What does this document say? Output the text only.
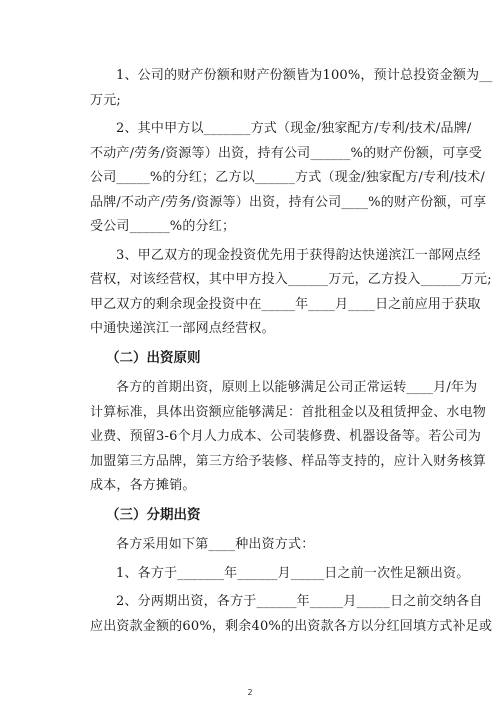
1、公司的财产份额和财产份额皆为100%，预计总投资金额为__
万元;
2、其中甲方以_______方式（现金/独家配方/专利/技术/品牌/
不动产/劳务/资源等）出资，持有公司______%的财产份额，可享受
公司_____%的分红；乙方以______方式（现金/独家配方/专利/技术/
品牌/不动产/劳务/资源等）出资，持有公司____%的财产份额，可享
受公司______%的分红；
3、甲乙双方的现金投资优先用于获得韵达快递滨江一部网点经
营权，对该经营权，其中甲方投入______万元，乙方投入______万元;
甲乙双方的剩余现金投资中在_____年____月____日之前应用于获取
中通快递滨江一部网点经营权。
（二）出资原则
各方的首期出资，原则上以能够满足公司正常运转____月/年为
计算标准，具体出资额应能够满足：首批租金以及租赁押金、水电物
业费、预留3-6个月人力成本、公司装修费、机器设备等。若公司为
加盟第三方品牌，第三方给予装修、样品等支持的，应计入财务核算
成本，各方摊销。
（三）分期出资
各方采用如下第____种出资方式：
1、各方于_______年______月_____日之前一次性足额出资。
2、分两期出资，各方于______年_____月_____日之前交纳各自
应出资款金额的60%，剩余40%的出资款各方以分红回填方式补足或
2
